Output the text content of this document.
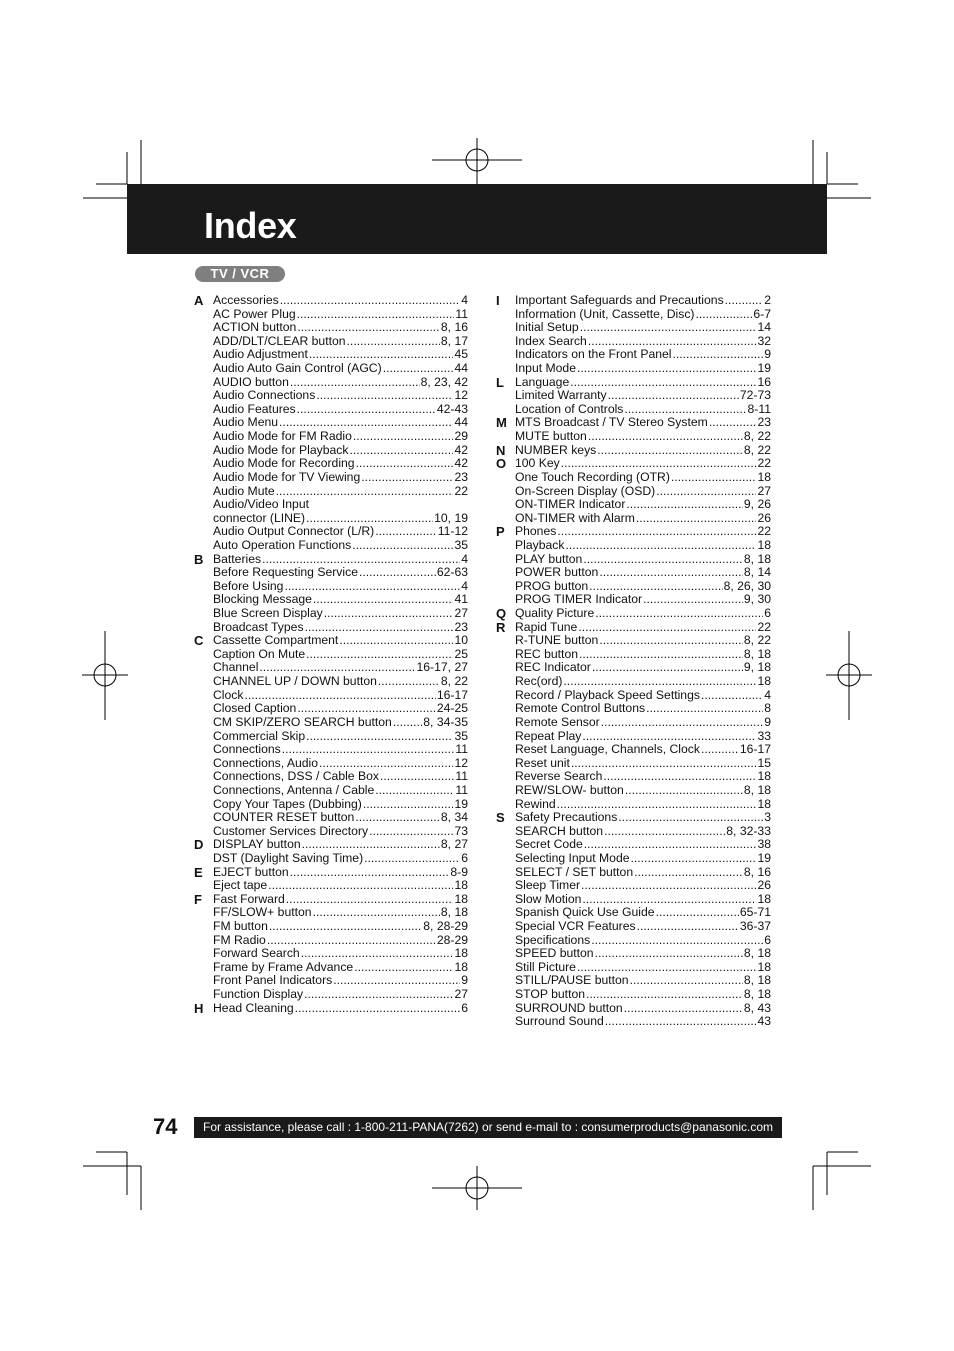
Index
TV / VCR
A Accessories .....	4
AC Power Plug .....	11
ACTION button .....	8, 16
ADD/DLT/CLEAR button .....	8, 17
Audio Adjustment .....	45
Audio Auto Gain Control (AGC) .....	44
AUDIO button .....	8, 23, 42
Audio Connections .....	12
Audio Features .....	42-43
Audio Menu .....	44
Audio Mode for FM Radio .....	29
Audio Mode for Playback .....	42
Audio Mode for Recording .....	42
Audio Mode for TV Viewing .....	23
Audio Mute .....	22
Audio/Video Input
connector (LINE) .....	10, 19
Audio Output Connector (L/R) .....	11-12
Auto Operation Functions .....	35
B Batteries .....	4
Before Requesting Service .....	62-63
Before Using .....	4
Blocking Message .....	41
Blue Screen Display .....	27
Broadcast Types .....	23
C Cassette Compartment .....	10
Caption On Mute .....	25
Channel .....	16-17, 27
CHANNEL UP / DOWN button .....	8, 22
Clock .....	16-17
Closed Caption .....	24-25
CM SKIP/ZERO SEARCH button .....	8, 34-35
Commercial Skip .....	35
Connections .....	11
Connections, Audio .....	12
Connections, DSS / Cable Box .....	11
Connections, Antenna / Cable .....	11
Copy Your Tapes (Dubbing) .....	19
COUNTER RESET button .....	8, 34
Customer Services Directory .....	73
D DISPLAY button .....	8, 27
DST (Daylight Saving Time) .....	6
E EJECT button .....	8-9
Eject tape .....	18
F Fast Forward .....	18
FF/SLOW+ button .....	8, 18
FM button .....	8, 28-29
FM Radio .....	28-29
Forward Search .....	18
Frame by Frame Advance .....	18
Front Panel Indicators .....	9
Function Display .....	27
H Head Cleaning .....	6
I	Important Safeguards and Precautions .....	2
Information (Unit, Cassette, Disc) .....	6-7
Initial Setup .....	14
Index Search .....	32
Indicators on the Front Panel .....	9
Input Mode .....	19
L Language .....	16
Limited Warranty .....	72-73
Location of Controls .....	8-11
M MTS Broadcast / TV Stereo System .....	23
MUTE button .....	8, 22
N NUMBER keys .....	8, 22
O 100 Key .....	22
One Touch Recording (OTR) .....	18
On-Screen Display (OSD) .....	27
ON-TIMER Indicator .....	9, 26
ON-TIMER with Alarm .....	26
P Phones .....	22
Playback .....	18
PLAY button .....	8, 18
POWER button .....	8, 14
PROG button .....	8, 26, 30
PROG TIMER Indicator .....	9, 30
Q Quality Picture .....	6
R Rapid Tune .....	22
R-TUNE button .....	8, 22
REC button .....	8, 18
REC Indicator .....	9, 18
Rec(ord) .....	18
Record / Playback Speed Settings .....	4
Remote Control Buttons .....	8
Remote Sensor .....	9
Repeat Play .....	33
Reset Language, Channels, Clock .....	16-17
Reset unit .....	15
Reverse Search .....	18
REW/SLOW- button .....	8, 18
Rewind .....	18
S Safety Precautions .....	3
SEARCH button .....	8, 32-33
Secret Code .....	38
Selecting Input Mode .....	19
SELECT / SET button .....	8, 16
Sleep Timer .....	26
Slow Motion .....	18
Spanish Quick Use Guide .....	65-71
Special VCR Features .....	36-37
Specifications .....	6
SPEED button .....	8, 18
Still Picture .....	18
STILL/PAUSE button .....	8, 18
STOP button .....	8, 18
SURROUND button .....	8, 43
Surround Sound .....	43
74	For assistance, please call : 1-800-211-PANA(7262) or send e-mail to : consumerproducts@panasonic.com
